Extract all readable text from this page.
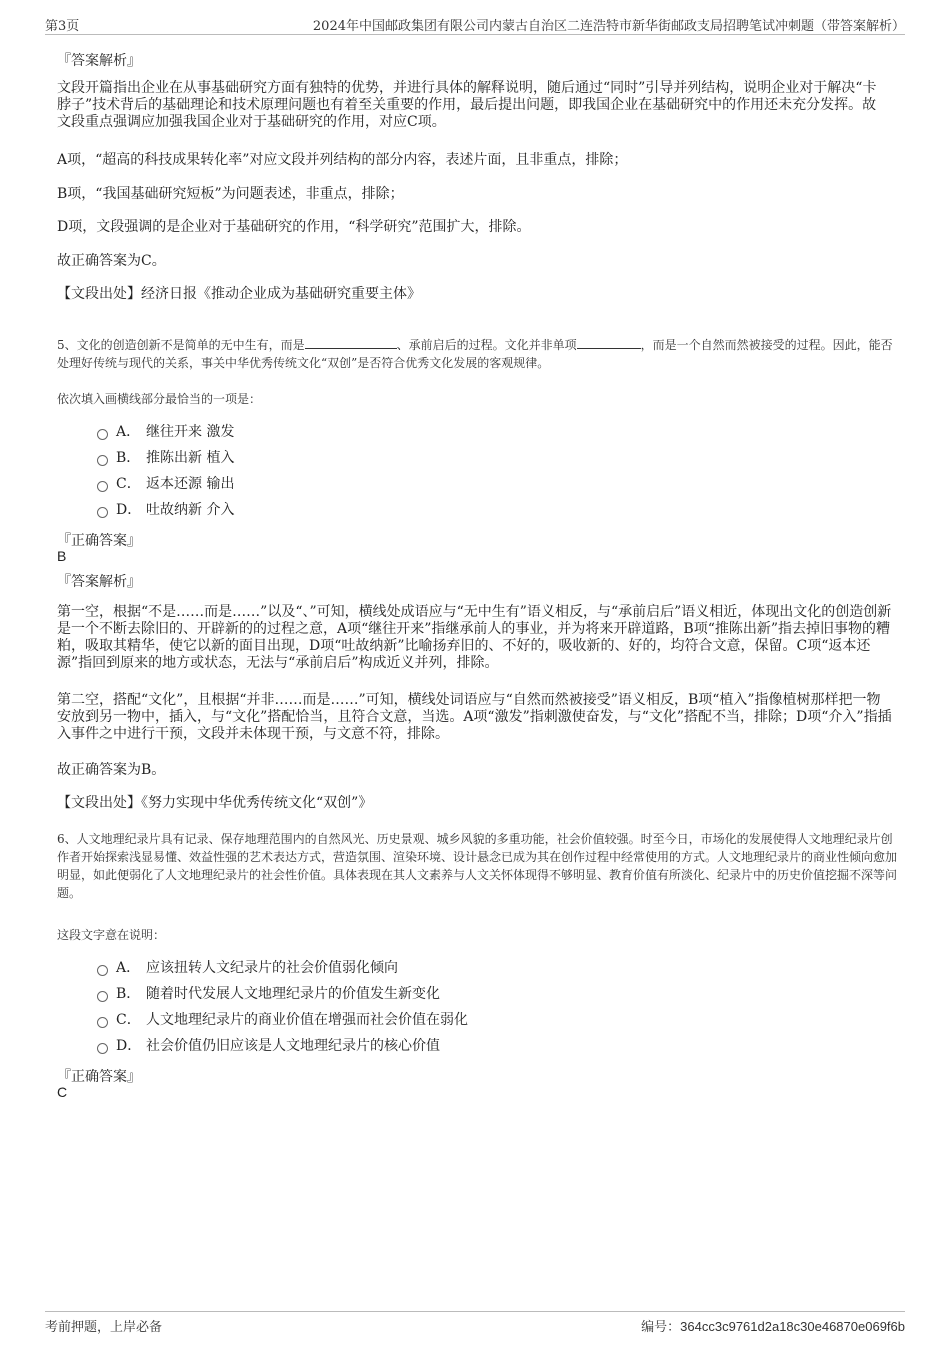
第3页	2024年中国邮政集团有限公司内蒙古自治区二连浩特市新华街邮政支局招聘笔试冲刺题（带答案解析）
『答案解析』

文段开篇指出企业在从事基础研究方面有独特的优势，并进行具体的解释说明，随后通过“同时”引导并列结构，说明企业对于解决“卡脖子”技术背后的基础理论和技术原理问题也有着至关重要的作用，最后提出问题，即我国企业在基础研究中的作用还未充分发挥。故文段重点强调应加强我国企业对于基础研究的作用，对应C项。

A项，“超高的科技成果转化率”对应文段并列结构的部分内容，表述片面，且非重点，排除；

B项，“我国基础研究短板”为问题表述，非重点，排除；

D项，文段强调的是企业对于基础研究的作用，“科学研究”范围扩大，排除。

故正确答案为C。

【文段出处】经济日报《推动企业成为基础研究重要主体》

5、文化的创造创新不是简单的无中生有，而是	、承前启后的过程。文化并非单项	，而是一个自然而然被接受的过程。因此，能否处理好传统与现代的关系，事关中华优秀传统文化“双创”是否符合优秀文化发展的客观规律。
依次填入画横线部分最恰当的一项是：
A． 继往开来 激发
B． 推陈出新 植入
C． 返本还源 输出
D． 吐故纳新 介入
『正确答案』
B
『答案解析』

第一空，根据“不是……而是……”以及“、”可知，横线处成语应与“无中生有”语义相反，与“承前启后”语义相近，体现出文化的创造创新是一个不断去除旧的、开辟新的的过程之意，A项“继往开来”指继承前人的事业，并为将来开辟道路，B项“推陈出新”指去掉旧事物的糟粕，吸取其精华，使它以新的面目出现，D项“吐故纳新”比喻扬弃旧的、不好的，吸收新的、好的，均符合文意，保留。C项“返本还源”指回到原来的地方或状态，无法与“承前启后”构成近义并列，排除。

第二空，搭配“文化”，且根据“并非……而是……”可知，横线处词语应与“自然而然被接受”语义相反，B项“植入”指像植树那样把一物安放到另一物中，插入，与“文化”搭配恰当，且符合文意，当选。A项“激发”指刺激使奋发，与“文化”搭配不当，排除；D项“介入”指插入事件之中进行干预，文段并未体现干预，与文意不符，排除。

故正确答案为B。

【文段出处】《努力实现中华优秀传统文化“双创”》

6、人文地理纪录片具有记录、保存地理范围内的自然风光、历史景观、城乡风貌的多重功能，社会价值较强。时至今日，市场化的发展使得人文地理纪录片创作者开始探索浅显易懂、效益性强的艺术表达方式，营造氛围、渲染环境、设计悬念已成为其在创作过程中经常使用的方式。人文地理纪录片的商业性倾向愈加明显，如此便弱化了人文地理纪录片的社会性价值。具体表现在其人文素养与人文关怀体现得不够明显、教育价值有所淡化、纪录片中的历史价值挖掘不深等问题。
这段文字意在说明：
A． 应该扭转人文纪录片的社会价值弱化倾向
B． 随着时代发展人文地理纪录片的价值发生新变化
C． 人文地理纪录片的商业价值在增强而社会价值在弱化
D． 社会价值仍旧应该是人文地理纪录片的核心价值
『正确答案』
C
考前押题，上岸必备	编号：364cc3c9761d2a18c30e46870e069f6b
